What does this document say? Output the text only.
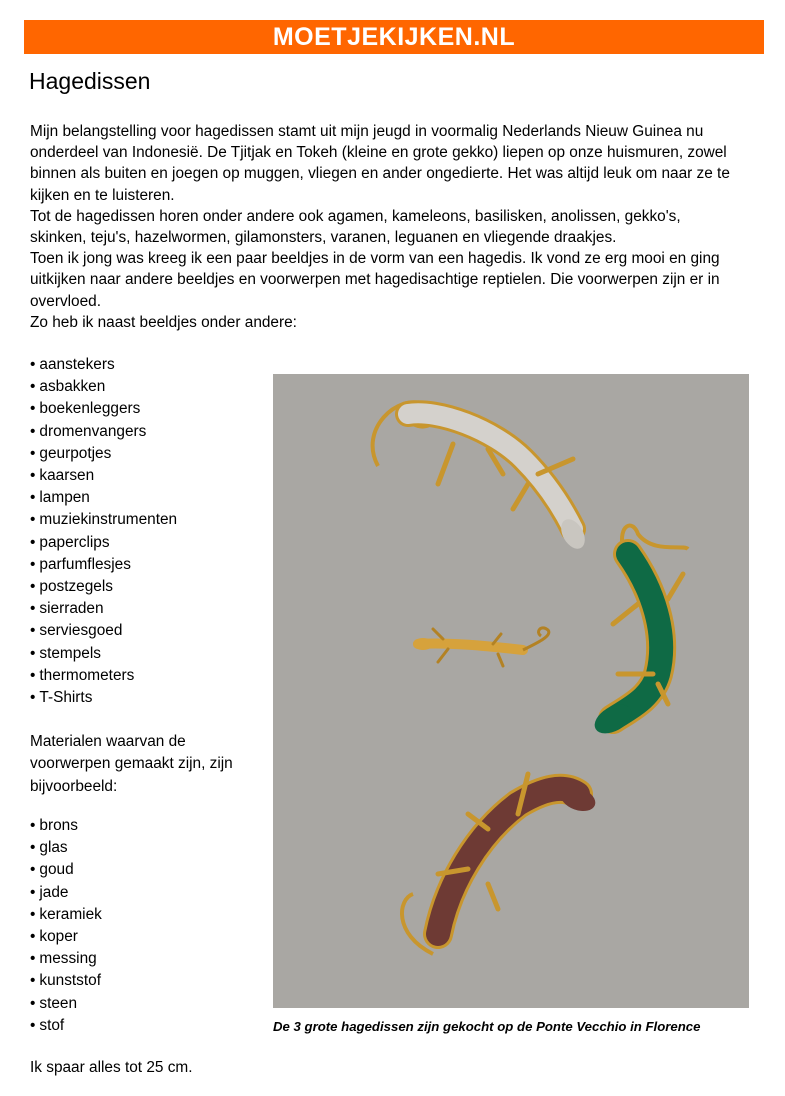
MOETJEKIJKEN.NL
Hagedissen

Mijn belangstelling voor hagedissen stamt uit mijn jeugd in voormalig Nederlands Nieuw Guinea nu onderdeel van Indonesië. De Tjitjak en Tokeh (kleine en grote gekko) liepen op onze huismuren, zowel binnen als buiten en joegen op muggen, vliegen en ander ongedierte. Het was altijd leuk om naar ze te kijken en te luisteren.

Tot de hagedissen horen onder andere ook agamen, kameleons, basilisken, anolissen, gekko's, skinken, teju's, hazelwormen, gilamonsters, varanen, leguanen en vliegende draakjes.

Toen ik jong was kreeg ik een paar beeldjes in de vorm van een hagedis. Ik vond ze erg mooi en ging uitkijken naar andere beeldjes en voorwerpen met hagedisachtige reptielen. Die voorwerpen zijn er in overvloed.

Zo heb ik naast beeldjes onder andere:

• aanstekers
• asbakken
• boekenleggers
• dromenvangers
• geurpotjes
• kaarsen
• lampen
• muziekinstrumenten
• paperclips
• parfumflesjes
• postzegels
• sierraden
• serviesgoed
• stempels
• thermometers
• T-Shirts
Materialen waarvan de voorwerpen gemaakt zijn, zijn bijvoorbeeld:
• brons
• glas
• goud
• jade
• keramiek
• koper
• messing
• kunststof
• steen
• stof
Ik spaar alles tot 25 cm.
De 3 grote hagedissen zijn gekocht op de Ponte Vecchio in Florence
